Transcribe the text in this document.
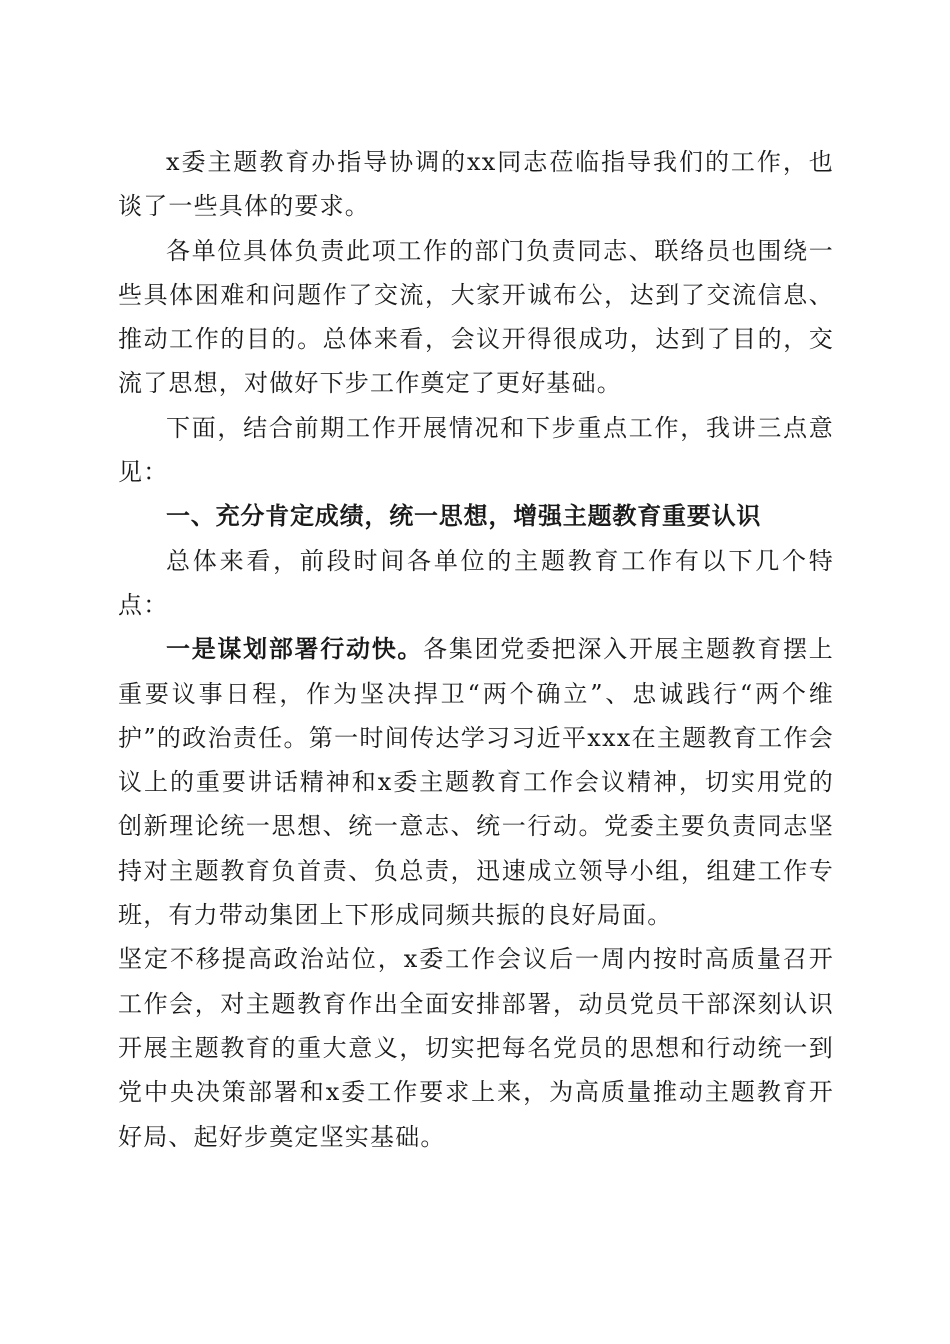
x委主题教育办指导协调的xx同志莅临指导我们的工作，也谈了一些具体的要求。

各单位具体负责此项工作的部门负责同志、联络员也围绕一些具体困难和问题作了交流，大家开诚布公，达到了交流信息、推动工作的目的。总体来看，会议开得很成功，达到了目的，交流了思想，对做好下步工作奠定了更好基础。

下面，结合前期工作开展情况和下步重点工作，我讲三点意见：

一、充分肯定成绩，统一思想，增强主题教育重要认识

总体来看，前段时间各单位的主题教育工作有以下几个特点：

一是谋划部署行动快。各集团党委把深入开展主题教育摆上重要议事日程，作为坚决捍卫“两个确立”、忠诚践行“两个维护”的政治责任。第一时间传达学习习近平xxx在主题教育工作会议上的重要讲话精神和x委主题教育工作会议精神，切实用党的创新理论统一思想、统一意志、统一行动。党委主要负责同志坚持对主题教育负首责、负总责，迅速成立领导小组，组建工作专班，有力带动集团上下形成同频共振的良好局面。

坚定不移提高政治站位，x委工作会议后一周内按时高质量召开工作会，对主题教育作出全面安排部署，动员党员干部深刻认识开展主题教育的重大意义，切实把每名党员的思想和行动统一到党中央决策部署和x委工作要求上来，为高质量推动主题教育开好局、起好步奠定坚实基础。
